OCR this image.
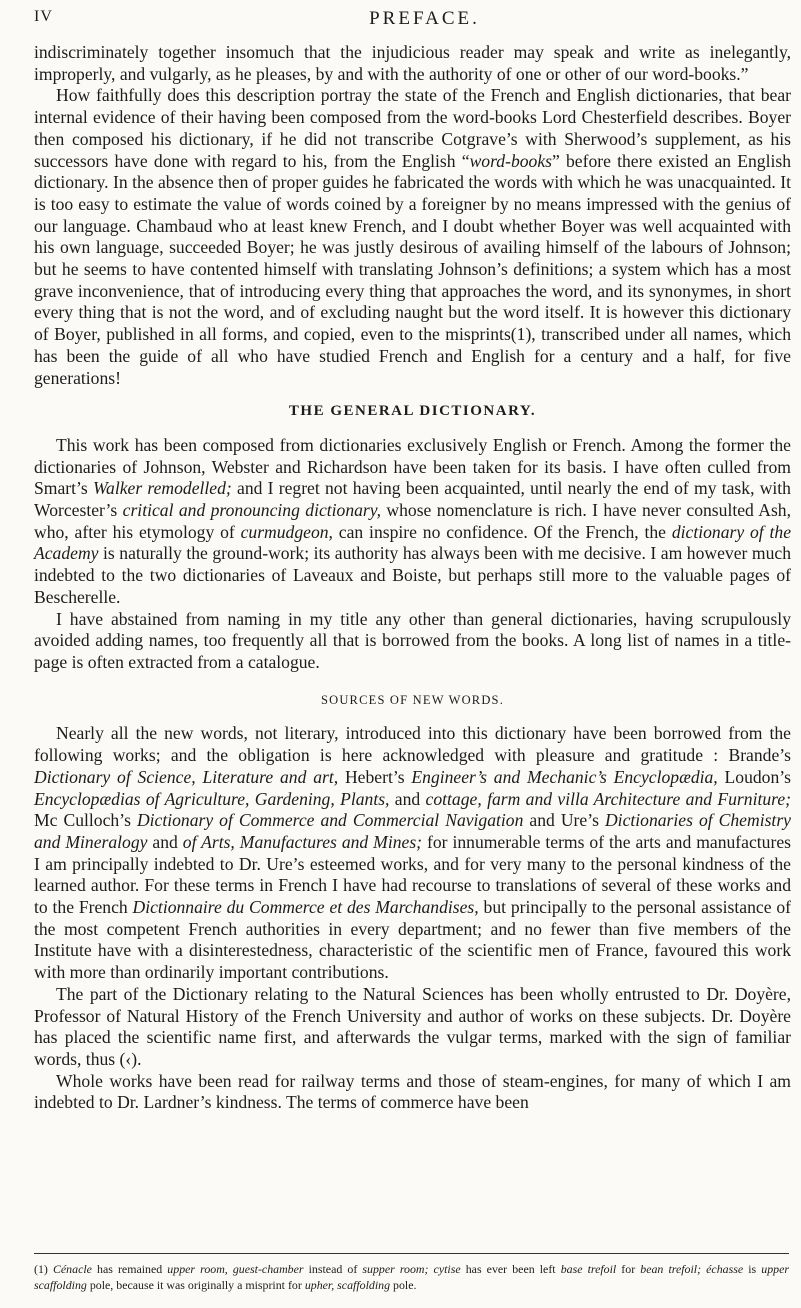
IV	PREFACE.

indiscriminately together insomuch that the injudicious reader may speak and write as inelegantly, improperly, and vulgarly, as he pleases, by and with the authority of one or other of our word-books.”

How faithfully does this description portray the state of the French and English dictionaries, that bear internal evidence of their having been composed from the word-books Lord Chesterfield describes. Boyer then composed his dictionary, if he did not transcribe Cotgrave’s with Sherwood’s supplement, as his successors have done with regard to his, from the English “word-books” before there existed an English dictionary. In the absence then of proper guides he fabricated the words with which he was unacquainted. It is too easy to estimate the value of words coined by a foreigner by no means impressed with the genius of our language. Chambaud who at least knew French, and I doubt whether Boyer was well acquainted with his own language, succeeded Boyer; he was justly desirous of availing himself of the labours of Johnson; but he seems to have contented himself with translating Johnson’s definitions; a system which has a most grave inconvenience, that of introducing every thing that approaches the word, and its synonymes, in short every thing that is not the word, and of excluding naught but the word itself. It is however this dictionary of Boyer, published in all forms, and copied, even to the misprints(1), transcribed under all names, which has been the guide of all who have studied French and English for a century and a half, for five generations!

THE GENERAL DICTIONARY.

This work has been composed from dictionaries exclusively English or French. Among the former the dictionaries of Johnson, Webster and Richardson have been taken for its basis. I have often culled from Smart’s Walker remodelled; and I regret not having been acquainted, until nearly the end of my task, with Worcester’s critical and pronouncing dictionary, whose nomenclature is rich. I have never consulted Ash, who, after his etymology of curmudgeon, can inspire no confidence. Of the French, the dictionary of the Academy is naturally the ground-work; its authority has always been with me decisive. I am however much indebted to the two dictionaries of Laveaux and Boiste, but perhaps still more to the valuable pages of Bescherelle.

I have abstained from naming in my title any other than general dictionaries, having scrupulously avoided adding names, too frequently all that is borrowed from the books. A long list of names in a title-page is often extracted from a catalogue.

SOURCES OF NEW WORDS.

Nearly all the new words, not literary, introduced into this dictionary have been borrowed from the following works; and the obligation is here acknowledged with pleasure and gratitude : Brande’s Dictionary of Science, Literature and art, Hebert’s Engineer’s and Mechanic’s Encyclopædia, Loudon’s Encyclopædias of Agriculture, Gardening, Plants, and cottage, farm and villa Architecture and Furniture; Mc Culloch’s Dictionary of Commerce and Commercial Navigation and Ure’s Dictionaries of Chemistry and Mineralogy and of Arts, Manufactures and Mines; for innumerable terms of the arts and manufactures I am principally indebted to Dr. Ure’s esteemed works, and for very many to the personal kindness of the learned author. For these terms in French I have had recourse to translations of several of these works and to the French Dictionnaire du Commerce et des Marchandises, but principally to the personal assistance of the most competent French authorities in every department; and no fewer than five members of the Institute have with a disinterestedness, characteristic of the scientific men of France, favoured this work with more than ordinarily important contributions.

The part of the Dictionary relating to the Natural Sciences has been wholly entrusted to Dr. Doyère, Professor of Natural History of the French University and author of works on these subjects. Dr. Doyère has placed the scientific name first, and afterwards the vulgar terms, marked with the sign of familiar words, thus (‹).

Whole works have been read for railway terms and those of steam-engines, for many of which I am indebted to Dr. Lardner’s kindness. The terms of commerce have been

(1) Cénacle has remained upper room, guest-chamber instead of supper room; cytise has ever been left base trefoil for bean trefoil; échasse is upper scaffolding pole, because it was originally a misprint for upher, scaffolding pole.
